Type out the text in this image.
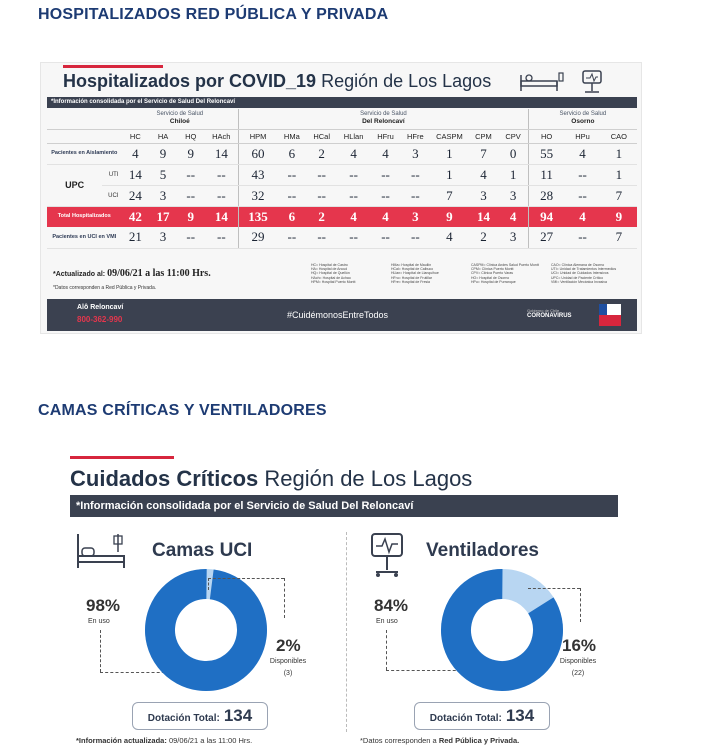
HOSPITALIZADOS RED PÚBLICA Y PRIVADA
Hospitalizados por COVID_19 Región de Los Lagos
*Información consolidada por el Servicio de Salud Del Reloncaví
		Servicio de Salud
Chiloé				Servicio de Salud
Del Reloncaví									Servicio de Salud
Osorno		
		HC	HA	HQ	HAch	HPM	HMa	HCal	HLlan	HFru	HFre	CASPM	CPM	CPV	HO	HPu	CAO
Pacientes en Aislamiento		4	9	9	14	60	6	2	4	4	3	1	7	0	55	4	1
UPC	UTI	14	5	--	--	43	--	--	--	--	--	1	4	1	11	--	1
	UCI	24	3	--	--	32	--	--	--	--	--	7	3	3	28	--	7
Total Hospitalizados		42	17	9	14	135	6	2	4	4	3	9	14	4	94	4	9
Pacientes en UCI en VMI		21	3	--	--	29	--	--	--	--	--	4	2	3	27	--	7
*Actualizado al: 09/06/21 a las 11:00 Hrs.
*Datos corresponden a Red Pública y Privada.
HC= Hospital de Castro
HA= Hospital de Ancud
HQ= Hospital de Quellón
HAch= Hospital de Achao
HPM= Hospital Puerto Montt
HMa= Hospital de Maullín
HCal= Hospital de Calbuco
HLlan= Hospital de Llanquihue
HFru= Hospital de Frutillar
HFre= Hospital de Fresia
CASPM= Clínica Andes Salud Puerto Montt
CPM= Clínica Puerto Montt
CPV= Clínica Puerto Varas
HO= Hospital de Osorno
HPu= Hospital de Purranque
CAO= Clínica Alemana de Osorno
UTI= Unidad de Tratamientos Intermedios
UCI= Unidad de Cuidados Intensivos
UPC= Unidad de Paciente Crítico
VMI= Ventilación Mecánica Invasiva
Alô Reloncaví
800-362-990	#CuidémonosEntreTodos	Gobierno de Chile
CORONAVIRUS
CAMAS CRÍTICAS Y VENTILADORES
Cuidados Críticos Región de Los Lagos
*Información consolidada por el Servicio de Salud Del Reloncaví
Camas UCI
98%
En uso
2%
Disponibles
(3)
Dotación Total: 134
Ventiladores
84%
En uso
16%
Disponibles
(22)
Dotación Total: 134
*Información actualizada: 09/06/21 a las 11:00 Hrs.	*Datos corresponden a Red Pública y Privada.
